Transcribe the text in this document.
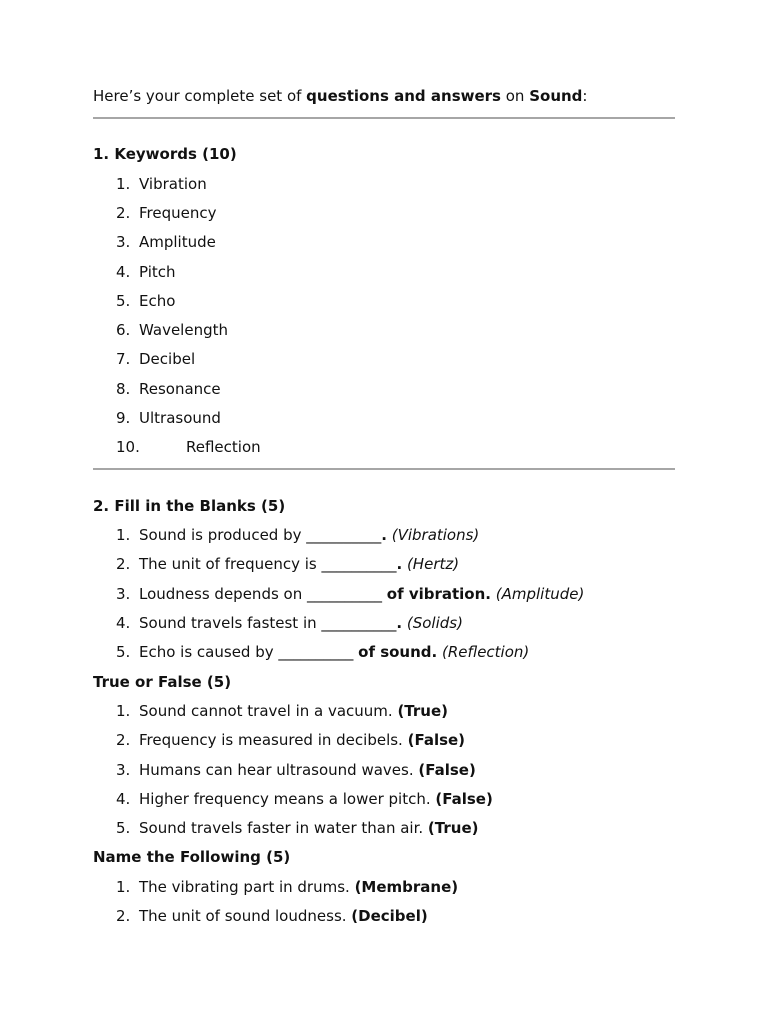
Here’s your complete set of questions and answers on Sound:
1. Keywords (10)
1. Vibration
2. Frequency
3. Amplitude
4. Pitch
5. Echo
6. Wavelength
7. Decibel
8. Resonance
9. Ultrasound
10.	Reflection
2. Fill in the Blanks (5)
1. Sound is produced by __________. (Vibrations)
2. The unit of frequency is __________. (Hertz)
3. Loudness depends on __________ of vibration. (Amplitude)
4. Sound travels fastest in __________. (Solids)
5. Echo is caused by __________ of sound. (Reflection)
True or False (5)
1. Sound cannot travel in a vacuum. (True)
2. Frequency is measured in decibels. (False)
3. Humans can hear ultrasound waves. (False)
4. Higher frequency means a lower pitch. (False)
5. Sound travels faster in water than air. (True)
Name the Following (5)
1. The vibrating part in drums. (Membrane)
2. The unit of sound loudness. (Decibel)
